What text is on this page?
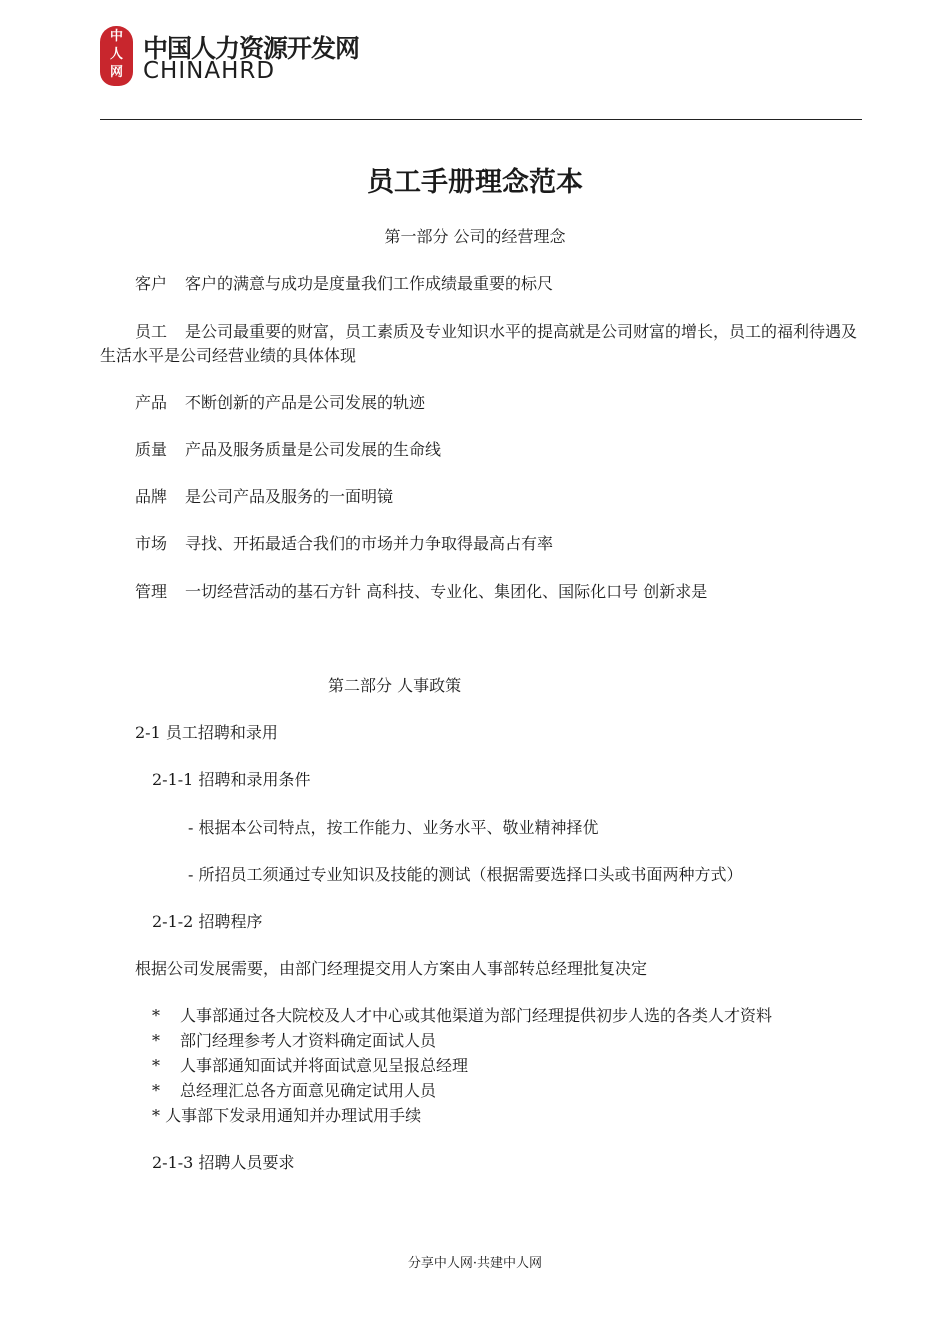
中
人
网
中国人力资源开发网
CHINAHRD
员工手册理念范本
第一部分 公司的经营理念
客户 客户的满意与成功是度量我们工作成绩最重要的标尺
员工 是公司最重要的财富，员工素质及专业知识水平的提高就是公司财富的增长，员工的福利待遇及生活水平是公司经营业绩的具体体现
产品 不断创新的产品是公司发展的轨迹
质量 产品及服务质量是公司发展的生命线
品牌 是公司产品及服务的一面明镜
市场 寻找、开拓最适合我们的市场并力争取得最高占有率
管理 一切经营活动的基石方针 高科技、专业化、集团化、国际化口号 创新求是
第二部分 人事政策
2-1 员工招聘和录用
2-1-1 招聘和录用条件
- 根据本公司特点，按工作能力、业务水平、敬业精神择优
- 所招员工须通过专业知识及技能的测试（根据需要选择口头或书面两种方式）
2-1-2 招聘程序
根据公司发展需要，由部门经理提交用人方案由人事部转总经理批复决定
* 人事部通过各大院校及人才中心或其他渠道为部门经理提供初步人选的各类人才资料
* 部门经理参考人才资料确定面试人员
* 人事部通知面试并将面试意见呈报总经理
* 总经理汇总各方面意见确定试用人员
* 人事部下发录用通知并办理试用手续
2-1-3 招聘人员要求
分享中人网·共建中人网
